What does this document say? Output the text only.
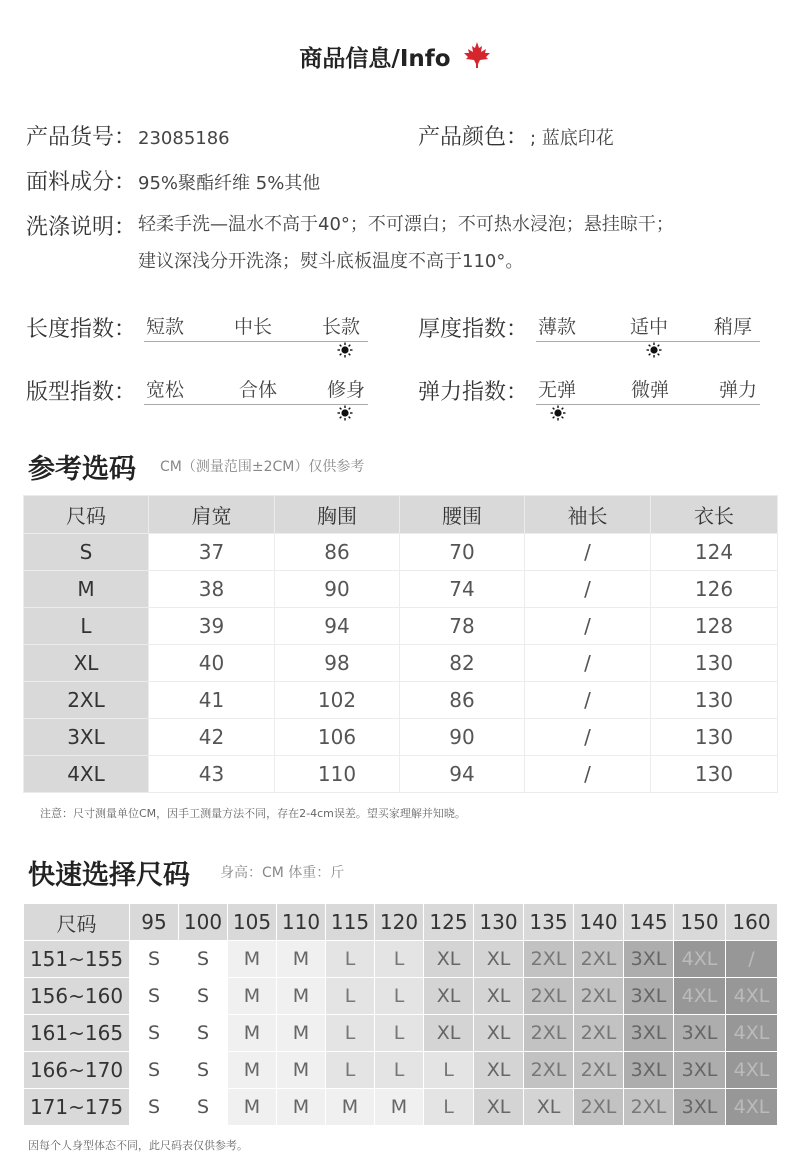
商品信息/Info
产品货号： 23085186	产品颜色： ; 蓝底印花
面料成分： 95%聚酯纤维 5%其他
洗涤说明： 轻柔手洗—温水不高于40°；不可漂白；不可热水浸泡；悬挂晾干；
建议深浅分开洗涤；熨斗底板温度不高于110°。
长度指数： 短款	中长	长款	厚度指数： 薄款	适中 稍厚
版型指数： 宽松	合体	修身 弹力指数： 无弹	微弹	弹力
参考选码 CM（测量范围±2CM）仅供参考
尺码	肩宽	胸围	腰围	袖长	衣长
S	37	86	70	/	124
M	38	90	74	/	126
L	39	94	78	/	128
XL	40	98	82	/	130
2XL	41	102	86	/	130
3XL	42	106	90	/	130
4XL	43	110	94	/	130
注意：尺寸测量单位CM，因手工测量方法不同，存在2-4cm误差。望买家理解并知晓。
快速选择尺码 身高：CM 体重：斤
尺码	95	100	105	110	115	120	125	130	135	140	145	150	160
151~155	S	S	M	M	L	L	XL	XL	2XL	2XL	3XL	4XL	/
156~160	S	S	M	M	L	L	XL	XL	2XL	2XL	3XL	4XL	4XL
161~165	S	S	M	M	L	L	XL	XL	2XL	2XL	3XL	3XL	4XL
166~170	S	S	M	M	L	L	L	XL	2XL	2XL	3XL	3XL	4XL
171~175	S	S	M	M	M	M	L	XL	XL	2XL	2XL	3XL	4XL
因每个人身型体态不同，此尺码表仅供参考。
